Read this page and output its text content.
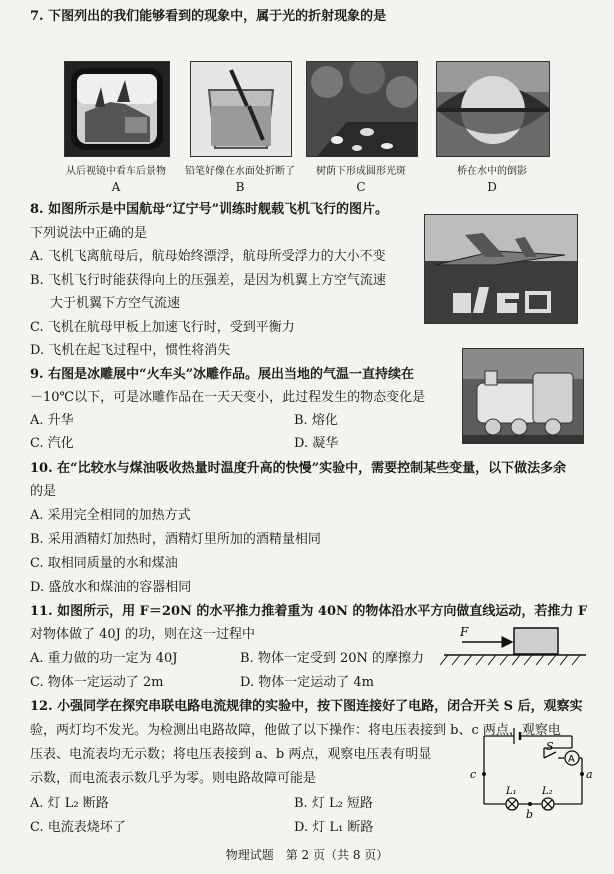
7. 下图列出的我们能够看到的现象中，属于光的折射现象的是
从后视镜中看车后景物	铅笔好像在水面处折断了	树荫下形成圆形光斑	桥在水中的倒影
A	B	C	D
8. 如图所示是中国航母“辽宁号”训练时舰载飞机飞行的图片。
下列说法中正确的是
A. 飞机飞离航母后，航母始终漂浮，航母所受浮力的大小不变
B. 飞机飞行时能获得向上的压强差，是因为机翼上方空气流速
大于机翼下方空气流速
C. 飞机在航母甲板上加速飞行时，受到平衡力
D. 飞机在起飞过程中，惯性将消失
9. 右图是冰雕展中“火车头”冰雕作品。展出当地的气温一直持续在
－10℃以下，可是冰雕作品在一天天变小，此过程发生的物态变化是
A. 升华	B. 熔化
C. 汽化	D. 凝华
10. 在“比较水与煤油吸收热量时温度升高的快慢”实验中，需要控制某些变量，以下做法多余
的是
A. 采用完全相同的加热方式
B. 采用酒精灯加热时，酒精灯里所加的酒精量相同
C. 取相同质量的水和煤油
D. 盛放水和煤油的容器相同
11. 如图所示，用 F＝20N 的水平推力推着重为 40N 的物体沿水平方向做直线运动，若推力 F
对物体做了 40J 的功，则在这一过程中
A. 重力做的功一定为 40J	B. 物体一定受到 20N 的摩擦力
C. 物体一定运动了 2m	D. 物体一定运动了 4m
F
12. 小强同学在探究串联电路电流规律的实验中，按下图连接好了电路，闭合开关 S 后，观察实
验，两灯均不发光。为检测出电路故障，他做了以下操作：将电压表接到 b、c 两点，观察电
压表、电流表均无示数；将电压表接到 a、b 两点，观察电压表有明显
示数，而电流表示数几乎为零。则电路故障可能是
A. 灯 L₂ 断路	B. 灯 L₂ 短路
C. 电流表烧坏了	D. 灯 L₁ 断路
S
A
L₁	L₂
c
b
a
物理试题　第 2 页（共 8 页）
